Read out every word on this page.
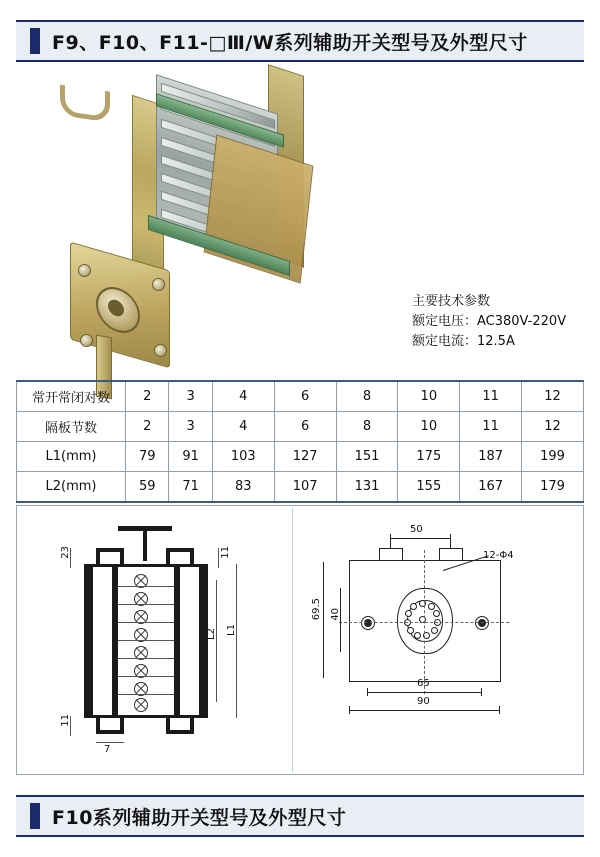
F9、F10、F11-□Ⅲ/W系列辅助开关型号及外型尺寸
主要技术参数
额定电压：AC380V-220V
额定电流：12.5A
常开常闭对数	2	3	4	6	8	10	11	12
隔板节数	2	3	4	6	8	10	11	12
L1(mm)	79	91	103	127	151	175	187	199
L2(mm)	59	71	83	107	131	155	167	179
23	11
11
7
L1
L2
50
12-Φ4
40
69.5
65
90
F10系列辅助开关型号及外型尺寸
